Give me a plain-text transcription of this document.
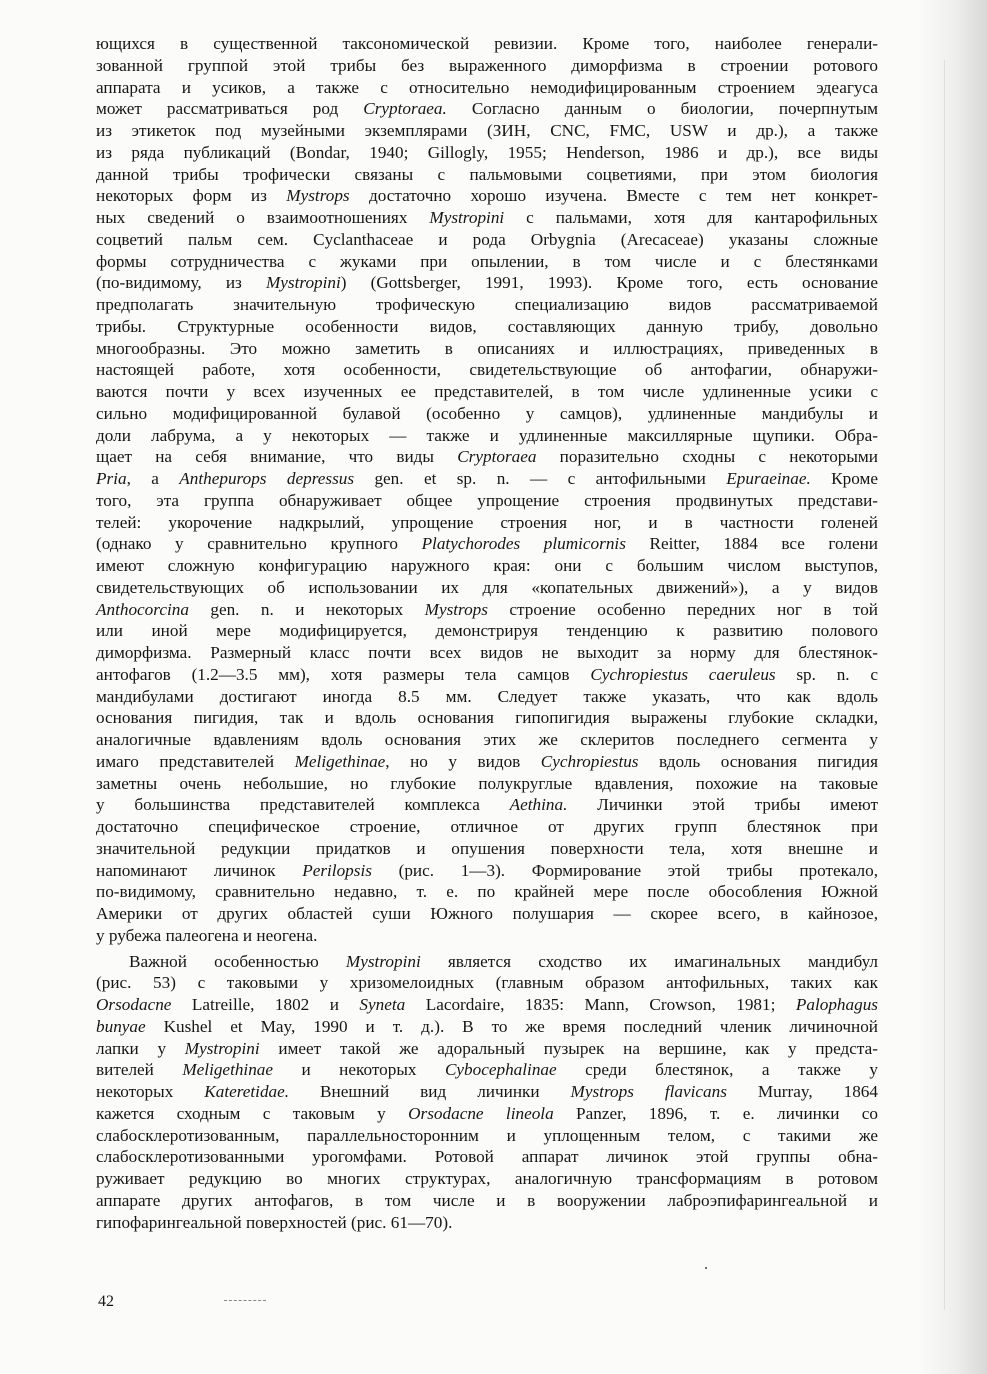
ющихся в существенной таксономической ревизии. Кроме того, наиболее генерали-
зованной группой этой трибы без выраженного диморфизма в строении ротового
аппарата и усиков, а также с относительно немодифицированным строением эдеагуса
может рассматриваться род Cryptoraea. Согласно данным о биологии, почерпнутым
из этикеток под музейными экземплярами (ЗИН, CNC, FMC, USW и др.), а также
из ряда публикаций (Bondar, 1940; Gillogly, 1955; Henderson, 1986 и др.), все виды
данной трибы трофически связаны с пальмовыми соцветиями, при этом биология
некоторых форм из Mystrops достаточно хорошо изучена. Вместе с тем нет конкрет-
ных сведений о взаимоотношениях Mystropini с пальмами, хотя для кантарофильных
соцветий пальм сем. Cyclanthaceae и рода Orbygnia (Arecaceae) указаны сложные
формы сотрудничества с жуками при опылении, в том числе и с блестянками
(по-видимому, из Mystropini) (Gottsberger, 1991, 1993). Кроме того, есть основание
предполагать значительную трофическую специализацию видов рассматриваемой
трибы. Структурные особенности видов, составляющих данную трибу, довольно
многообразны. Это можно заметить в описаниях и иллюстрациях, приведенных в
настоящей работе, хотя особенности, свидетельствующие об антофагии, обнаружи-
ваются почти у всех изученных ее представителей, в том числе удлиненные усики с
сильно модифицированной булавой (особенно у самцов), удлиненные мандибулы и
доли лабрума, а у некоторых — также и удлиненные максиллярные щупики. Обра-
щает на себя внимание, что виды Cryptoraea поразительно сходны с некоторыми
Pria, а Anthepurops depressus gen. et sp. n. — с антофильными Epuraeinae. Кроме
того, эта группа обнаруживает общее упрощение строения продвинутых представи-
телей: укорочение надкрылий, упрощение строения ног, и в частности голеней
(однако у сравнительно крупного Platychorodes plumicornis Reitter, 1884 все голени
имеют сложную конфигурацию наружного края: они с большим числом выступов,
свидетельствующих об использовании их для «копательных движений»), а у видов
Anthocorcina gen. n. и некоторых Mystrops строение особенно передних ног в той
или иной мере модифицируется, демонстрируя тенденцию к развитию полового
диморфизма. Размерный класс почти всех видов не выходит за норму для блестянок-
антофагов (1.2—3.5 мм), хотя размеры тела самцов Cychropiestus caeruleus sp. n. с
мандибулами достигают иногда 8.5 мм. Следует также указать, что как вдоль
основания пигидия, так и вдоль основания гипопигидия выражены глубокие складки,
аналогичные вдавлениям вдоль основания этих же склеритов последнего сегмента у
имаго представителей Meligethinae, но у видов Cychropiestus вдоль основания пигидия
заметны очень небольшие, но глубокие полукруглые вдавления, похожие на таковые
у большинства представителей комплекса Aethina. Личинки этой трибы имеют
достаточно специфическое строение, отличное от других групп блестянок при
значительной редукции придатков и опушения поверхности тела, хотя внешне и
напоминают личинок Perilopsis (рис. 1—3). Формирование этой трибы протекало,
по-видимому, сравнительно недавно, т. е. по крайней мере после обособления Южной
Америки от других областей суши Южного полушария — скорее всего, в кайнозое,
у рубежа палеогена и неогена.
Важной особенностью Mystropini является сходство их имагинальных мандибул
(рис. 53) с таковыми у хризомелоидных (главным образом антофильных, таких как
Orsodacne Latreille, 1802 и Syneta Lacordaire, 1835: Mann, Crowson, 1981; Palophagus
bunyae Kushel et May, 1990 и т. д.). В то же время последний членик личиночной
лапки у Mystropini имеет такой же адоральный пузырек на вершине, как у предста-
вителей Meligethinae и некоторых Cybocephalinae среди блестянок, а также у
некоторых Kateretidae. Внешний вид личинки Mystrops flavicans Murray, 1864
кажется сходным с таковым у Orsodacne lineola Panzer, 1896, т. е. личинки со
слабосклеротизованным, параллельносторонним и уплощенным телом, с такими же
слабосклеротизованными урогомфами. Ротовой аппарат личинок этой группы обна-
руживает редукцию во многих структурах, аналогичную трансформациям в ротовом
аппарате других антофагов, в том числе и в вооружении лаброэпифарингеальной и
гипофарингеальной поверхностей (рис. 61—70).
42
